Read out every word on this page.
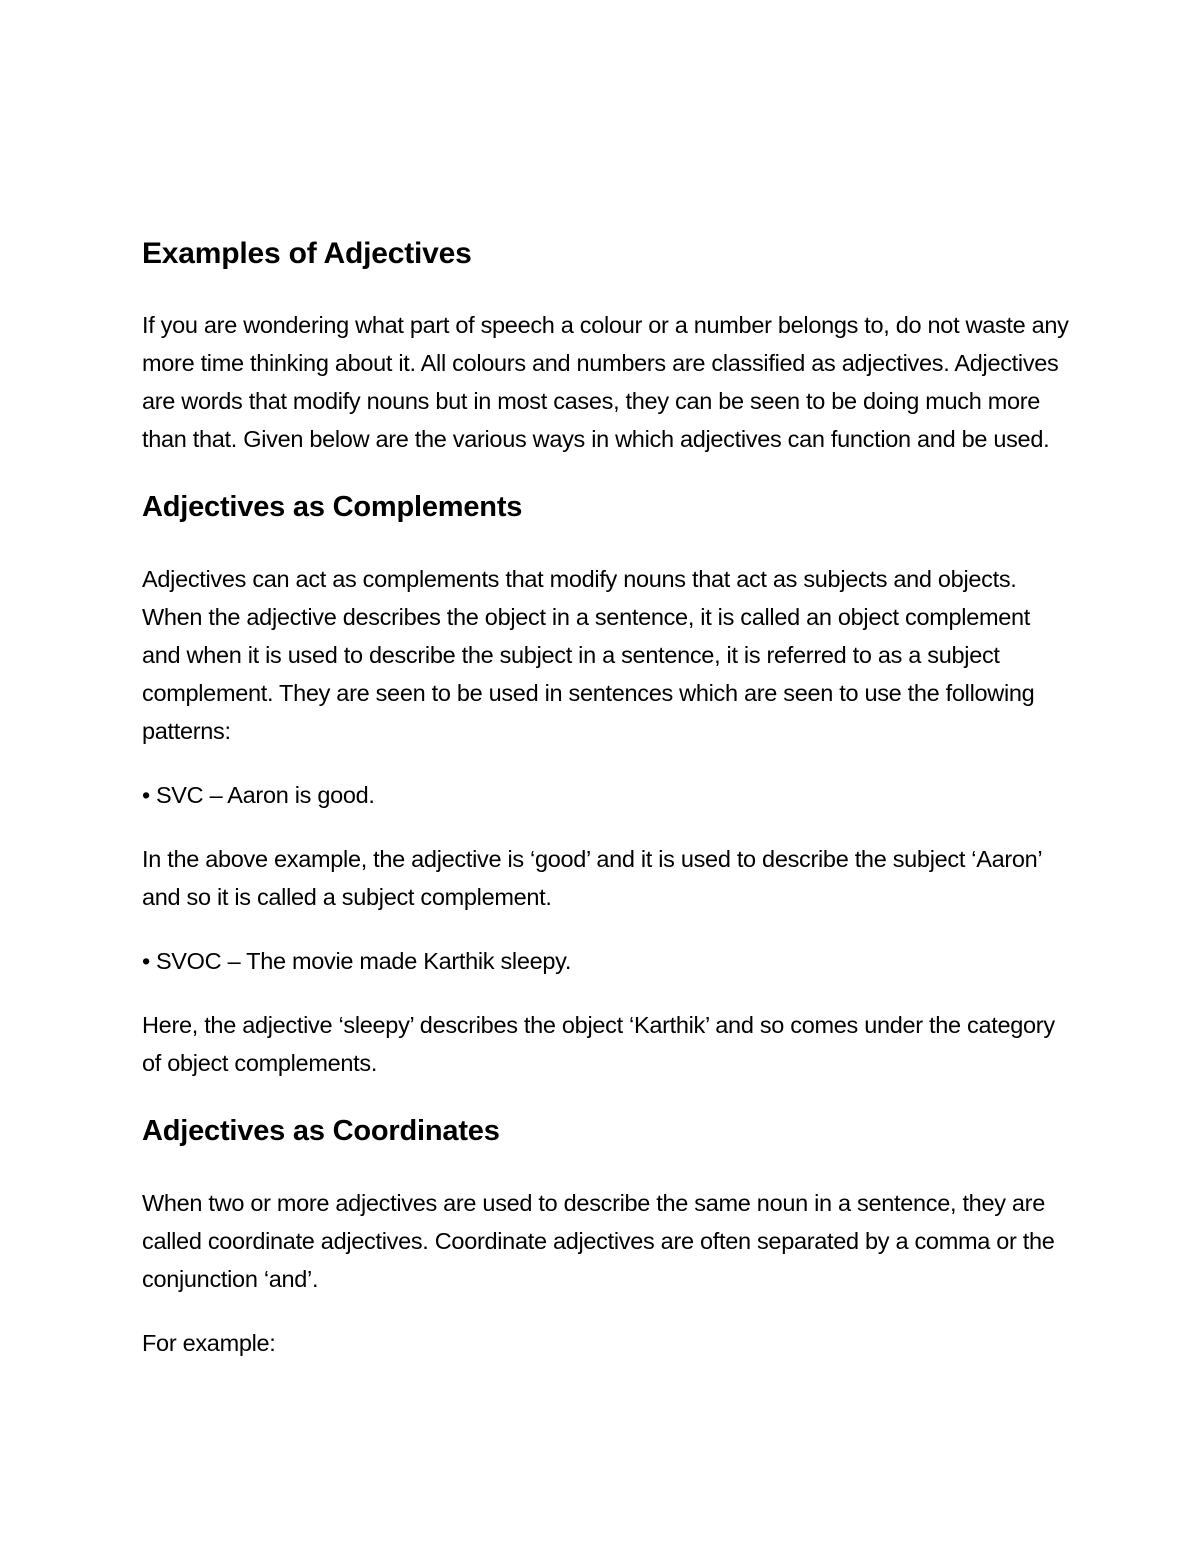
Examples of Adjectives

If you are wondering what part of speech a colour or a number belongs to, do not waste any more time thinking about it. All colours and numbers are classified as adjectives. Adjectives are words that modify nouns but in most cases, they can be seen to be doing much more than that. Given below are the various ways in which adjectives can function and be used.

Adjectives as Complements

Adjectives can act as complements that modify nouns that act as subjects and objects. When the adjective describes the object in a sentence, it is called an object complement and when it is used to describe the subject in a sentence, it is referred to as a subject complement. They are seen to be used in sentences which are seen to use the following patterns:

• SVC – Aaron is good.

In the above example, the adjective is ‘good’ and it is used to describe the subject ‘Aaron’ and so it is called a subject complement.

• SVOC – The movie made Karthik sleepy.

Here, the adjective ‘sleepy’ describes the object ‘Karthik’ and so comes under the category of object complements.

Adjectives as Coordinates

When two or more adjectives are used to describe the same noun in a sentence, they are called coordinate adjectives. Coordinate adjectives are often separated by a comma or the conjunction ‘and’.

For example:
